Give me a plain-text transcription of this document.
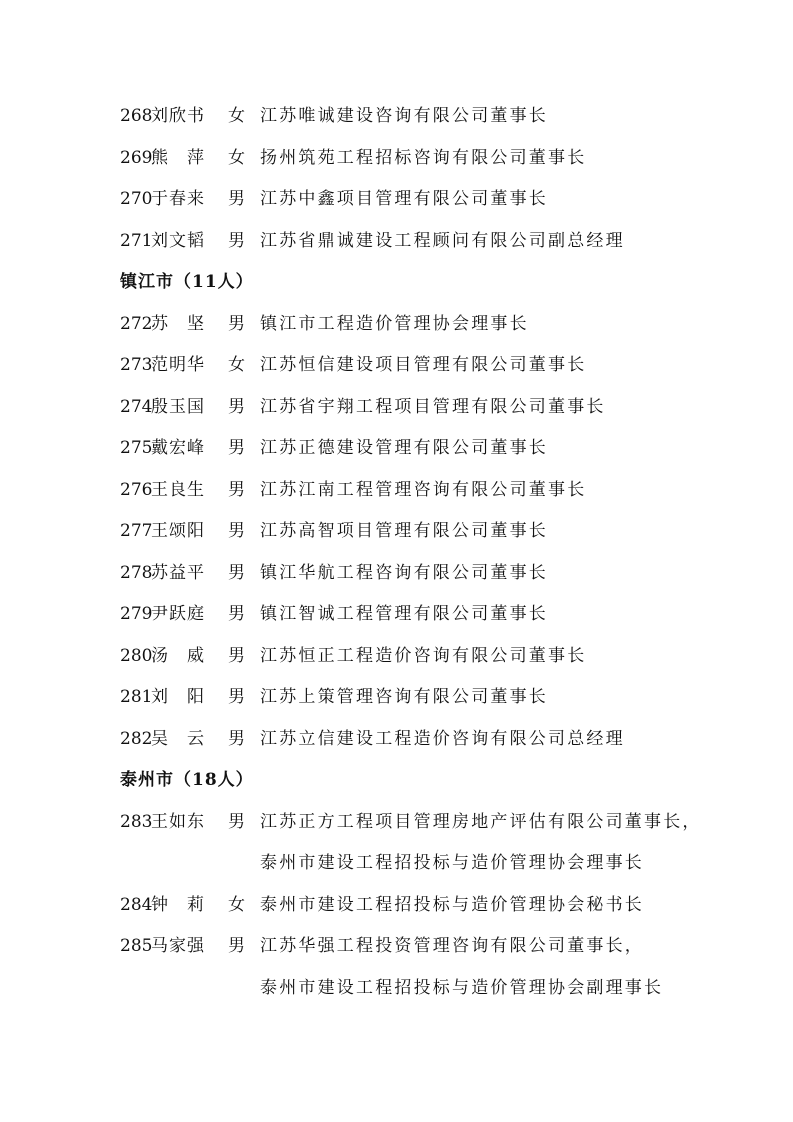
268
刘欣书 女 江苏唯诚建设咨询有限公司董事长
269
熊　萍 女 扬州筑苑工程招标咨询有限公司董事长
270
于春来 男 江苏中鑫项目管理有限公司董事长
271
刘文韬 男 江苏省鼎诚建设工程顾问有限公司副总经理
镇江市（11人）
272
苏　坚 男 镇江市工程造价管理协会理事长
273
范明华 女 江苏恒信建设项目管理有限公司董事长
274
殷玉国 男 江苏省宇翔工程项目管理有限公司董事长
275
戴宏峰 男 江苏正德建设管理有限公司董事长
276
王良生 男 江苏江南工程管理咨询有限公司董事长
277
王颂阳 男 江苏高智项目管理有限公司董事长
278
苏益平 男 镇江华航工程咨询有限公司董事长
279
尹跃庭 男 镇江智诚工程管理有限公司董事长
280
汤　威 男 江苏恒正工程造价咨询有限公司董事长
281
刘　阳 男 江苏上策管理咨询有限公司董事长
282
吴　云 男 江苏立信建设工程造价咨询有限公司总经理
泰州市（18人）
283
王如东 男 江苏正方工程项目管理房地产评估有限公司董事长，
泰州市建设工程招投标与造价管理协会理事长
284
钟　莉 女 泰州市建设工程招投标与造价管理协会秘书长
285
马家强 男 江苏华强工程投资管理咨询有限公司董事长，
泰州市建设工程招投标与造价管理协会副理事长
